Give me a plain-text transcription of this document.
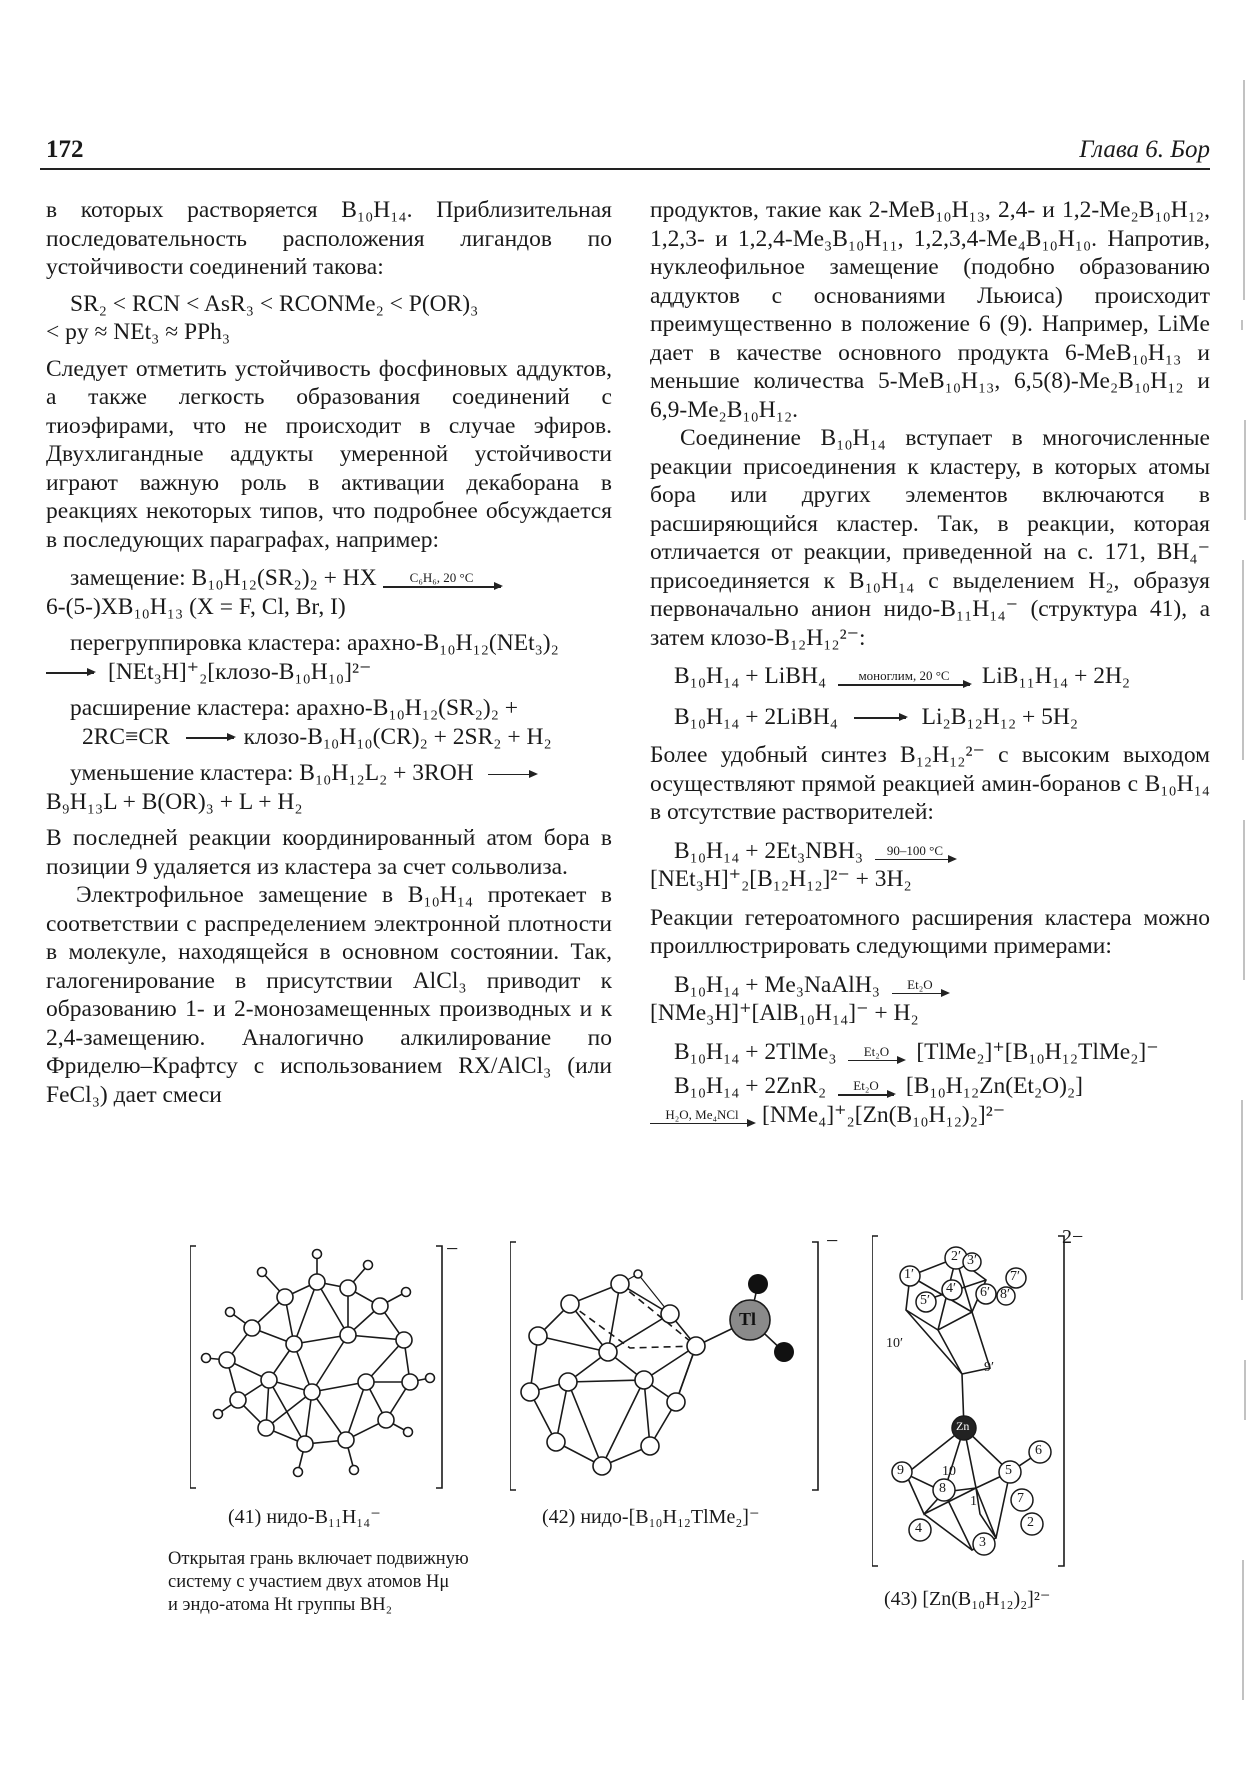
172	Глава 6. Бор

в которых растворяется B₁₀H₁₄. Приблизительная последовательность расположения лигандов по устойчивости соединений такова:

SR₂ < RCN < AsR₃ < RCONMe₂ < P(OR)₃

< py ≈ NEt₃ ≈ PPh₃

Следует отметить устойчивость фосфиновых аддуктов, а также легкость образования соединений с тиоэфирами, что не происходит в случае эфиров. Двухлигандные аддукты умеренной устойчивости играют важную роль в активации декаборана в реакциях некоторых типов, что подробнее обсуждается в последующих параграфах, например:

замещение: B₁₀H₁₂(SR₂)₂ + HX	C₆H₆, 20 °C

6-(5-)XB₁₀H₁₃ (X = F, Cl, Br, I)

перегруппировка кластера: арахно-B₁₀H₁₂(NEt₃)₂

→ [NEt₃H]⁺₂[клозо-B₁₀H₁₀]²⁻

расширение кластера: арахно-B₁₀H₁₂(SR₂)₂ +

2RC≡CR → клозо-B₁₀H₁₀(CR)₂ + 2SR₂ + H₂

уменьшение кластера: B₁₀H₁₂L₂ + 3ROH →

B₉H₁₃L + B(OR)₃ + L + H₂

В последней реакции координированный атом бора в позиции 9 удаляется из кластера за счет сольволиза.

Электрофильное замещение в B₁₀H₁₄ протекает в соответствии с распределением электронной плотности в молекуле, находящейся в основном состоянии. Так, галогенирование в присутствии AlCl₃ приводит к образованию 1- и 2-монозамещенных производных и к 2,4-замещению. Аналогично алкилирование по Фриделю–Крафтсу с использованием RX/AlCl₃ (или FeCl₃) дает смеси

продуктов, такие как 2-MeB₁₀H₁₃, 2,4- и 1,2-Me₂B₁₀H₁₂, 1,2,3- и 1,2,4-Me₃B₁₀H₁₁, 1,2,3,4-Me₄B₁₀H₁₀. Напротив, нуклеофильное замещение (подобно образованию аддуктов с основаниями Льюиса) происходит преимущественно в положение 6 (9). Например, LiMe дает в качестве основного продукта 6-MeB₁₀H₁₃ и меньшие количества 5-MeB₁₀H₁₃, 6,5(8)-Me₂B₁₀H₁₂ и 6,9-Me₂B₁₀H₁₂.

Соединение B₁₀H₁₄ вступает в многочисленные реакции присоединения к кластеру, в которых атомы бора или других элементов включаются в расширяющийся кластер. Так, в реакции, которая отличается от реакции, приведенной на с. 171, BH₄⁻ присоединяется к B₁₀H₁₄ с выделением H₂, образуя первоначально анион нидо-B₁₁H₁₄⁻ (структура 41), а затем клозо-B₁₂H₁₂²⁻:

B₁₀H₁₄ + LiBH₄	моноглим, 20 °C	LiB₁₁H₁₄ + 2H₂

B₁₀H₁₄ + 2LiBH₄ → Li₂B₁₂H₁₂ + 5H₂

Более удобный синтез B₁₂H₁₂²⁻ с высоким выходом осуществляют прямой реакцией амин-боранов с B₁₀H₁₄ в отсутствие растворителей:

B₁₀H₁₄ + 2Et₃NBH₃	90–100 °C

[NEt₃H]⁺₂[B₁₂H₁₂]²⁻ + 3H₂

Реакции гетероатомного расширения кластера можно проиллюстрировать следующими примерами:

B₁₀H₁₄ + Me₃NaAlH₃	Et₂O

[NMe₃H]⁺[AlB₁₀H₁₄]⁻ + H₂

B₁₀H₁₄ + 2TlMe₃	Et₂O	[TlMe₂]⁺[B₁₀H₁₂TlMe₂]⁻

B₁₀H₁₄ + 2ZnR₂	Et₂O	[B₁₀H₁₂Zn(Et₂O)₂]

H₂O, Me₄NCl [NMe₄]⁺₂[Zn(B₁₀H₁₂)₂]²⁻

−
(41) нидо-B₁₁H₁₄⁻
Открытая грань включает подвижную
систему с участием двух атомов Hμ
и эндо-атома Ht группы BH₂
Tl
−
(42) нидо-[B₁₀H₁₂TlMe₂]⁻
2′ 3′
1′	7′
4′
5′
6′ 8′
10′
9′
6
9	10	5
7
8
1
2
4
3
Zn
2−
(43) [Zn(B₁₀H₁₂)₂]²⁻
